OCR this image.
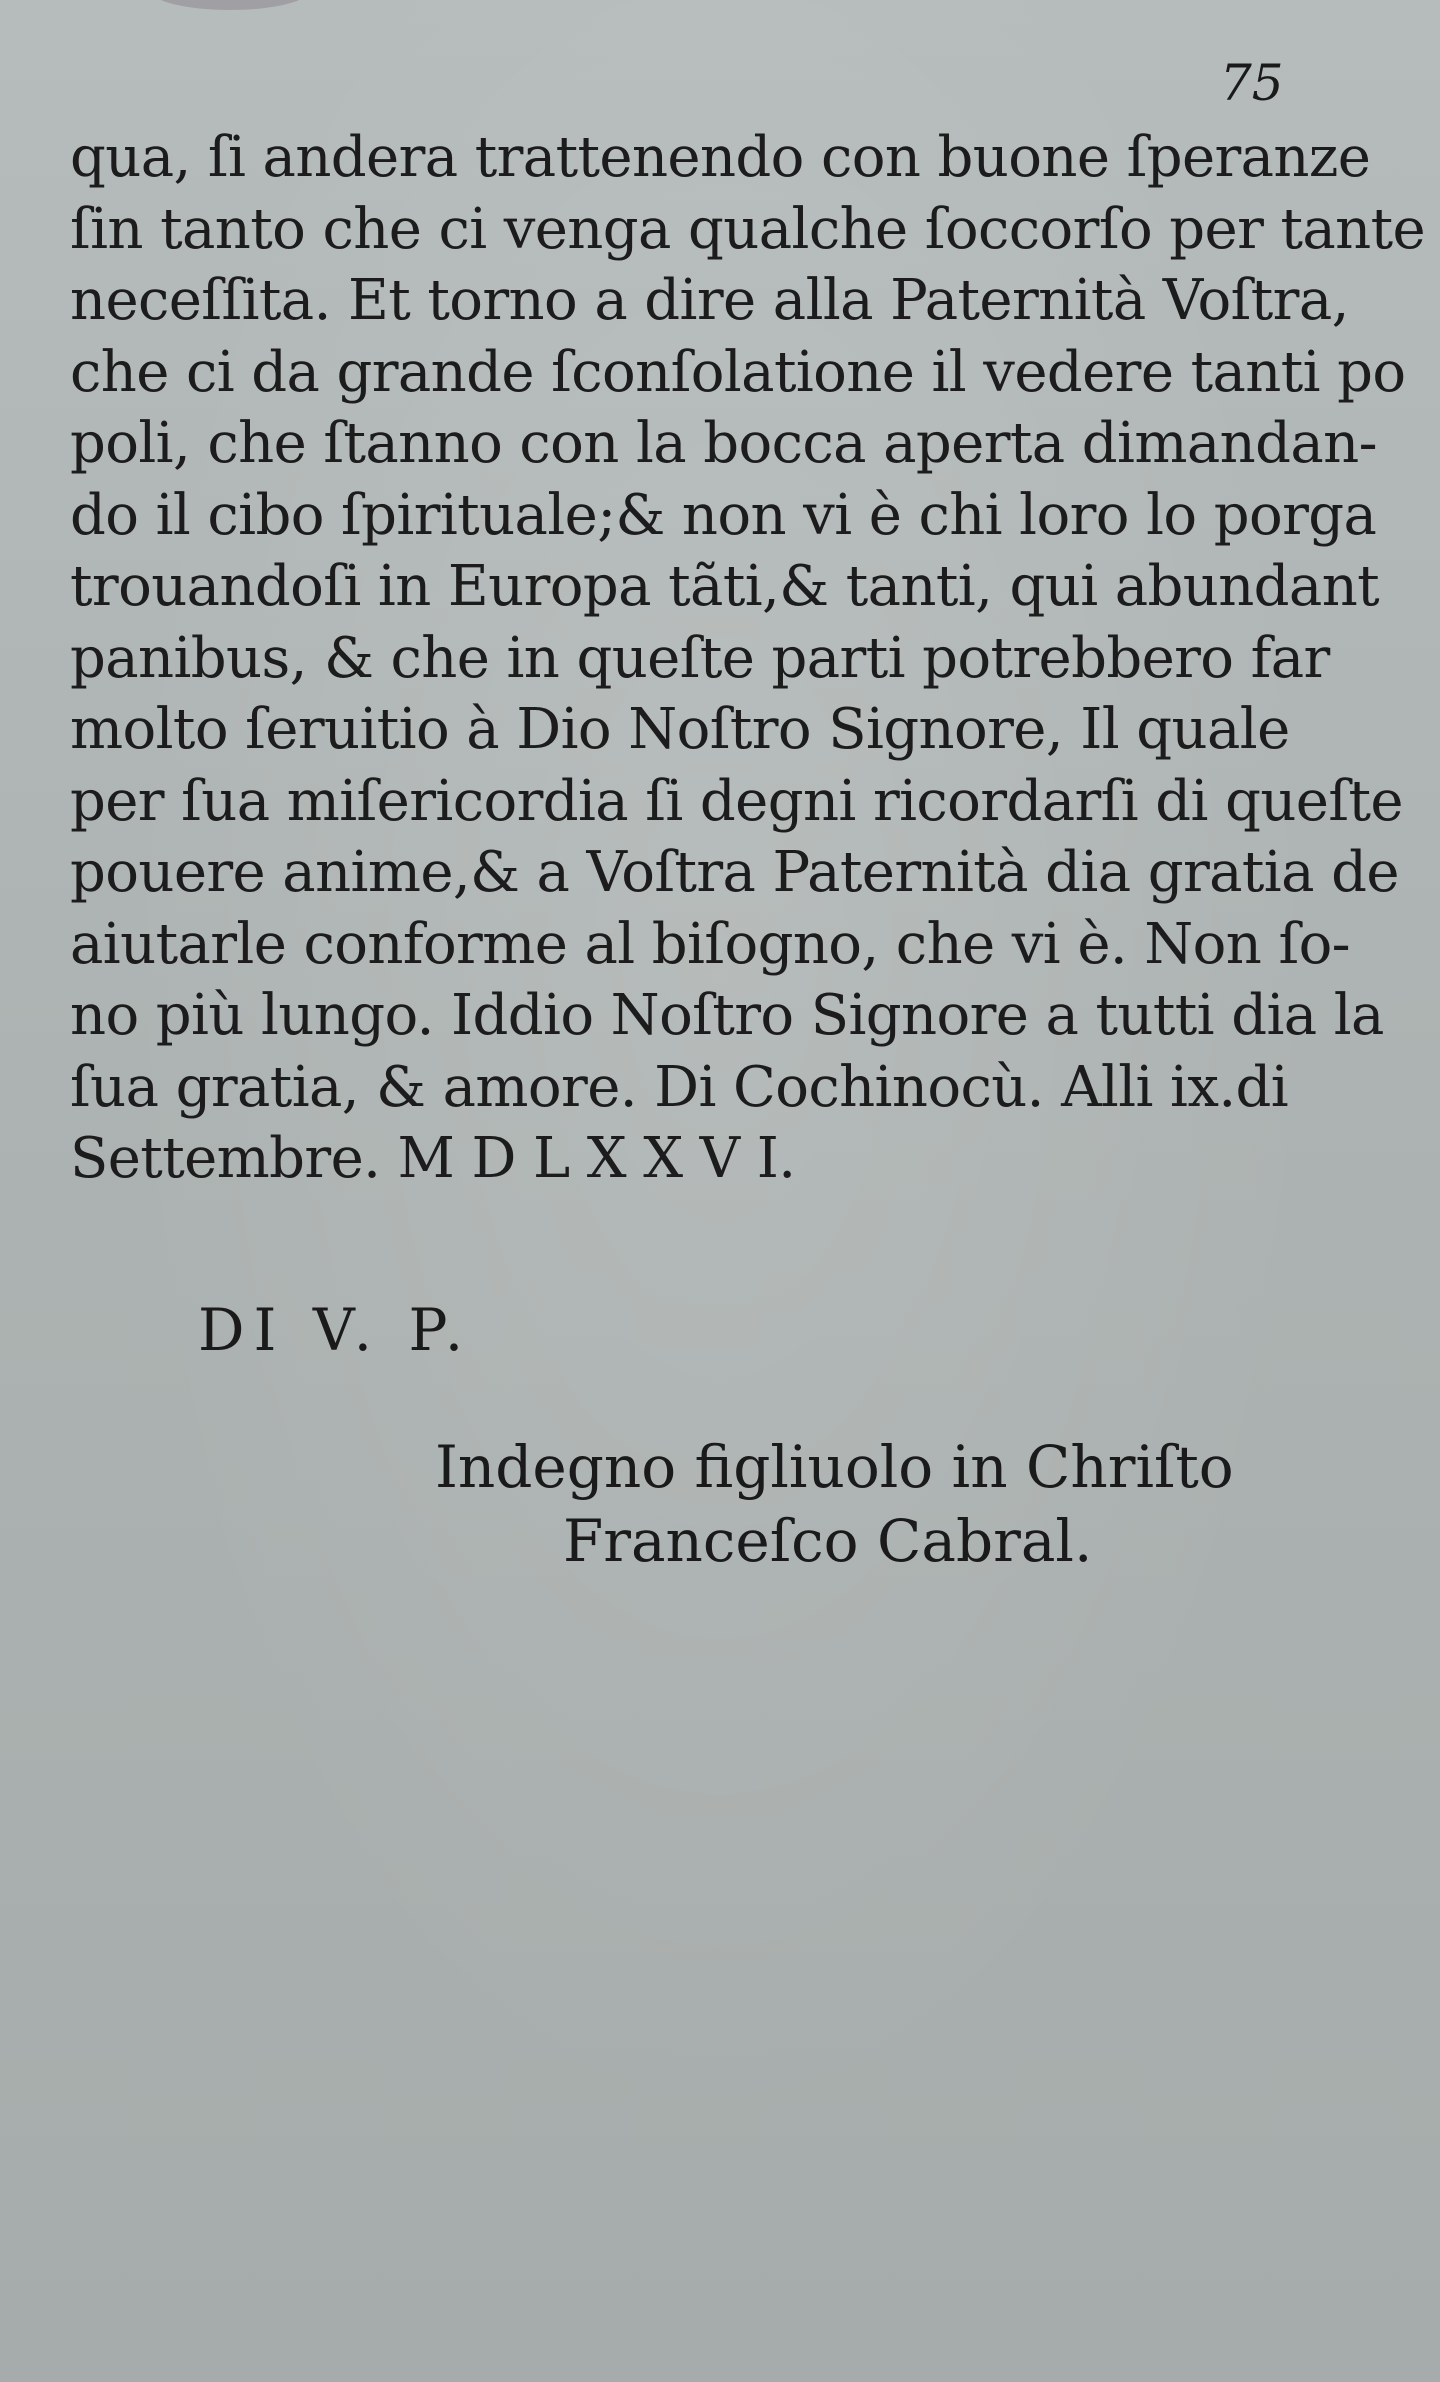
75
qua, ſi andera trattenendo con buone ſperanze
ſin tanto che ci venga qualche ſoccorſo per tante
neceſſita. Et torno a dire alla Paternità Voſtra,
che ci da grande ſconſolatione il vedere tanti po
poli, che ſtanno con la bocca aperta dimandan-
do il cibo ſpirituale;& non vi è chi loro lo porga
trouandoſi in Europa tãti,& tanti, qui abundant
panibus, & che in queſte parti potrebbero far
molto ſeruitio à Dio Noſtro Signore, Il quale
per ſua miſericordia ſi degni ricordarſi di queſte
pouere anime,& a Voſtra Paternità dia gratia de
aiutarle conforme al biſogno, che vi è. Non ſo-
no più lungo. Iddio Noſtro Signore a tutti dia la
ſua gratia, & amore. Di Cochinocù. Alli ix.di
Settembre. M D L X X V I.
DI V. P.
Indegno figliuolo in Chriſto
Franceſco Cabral.
